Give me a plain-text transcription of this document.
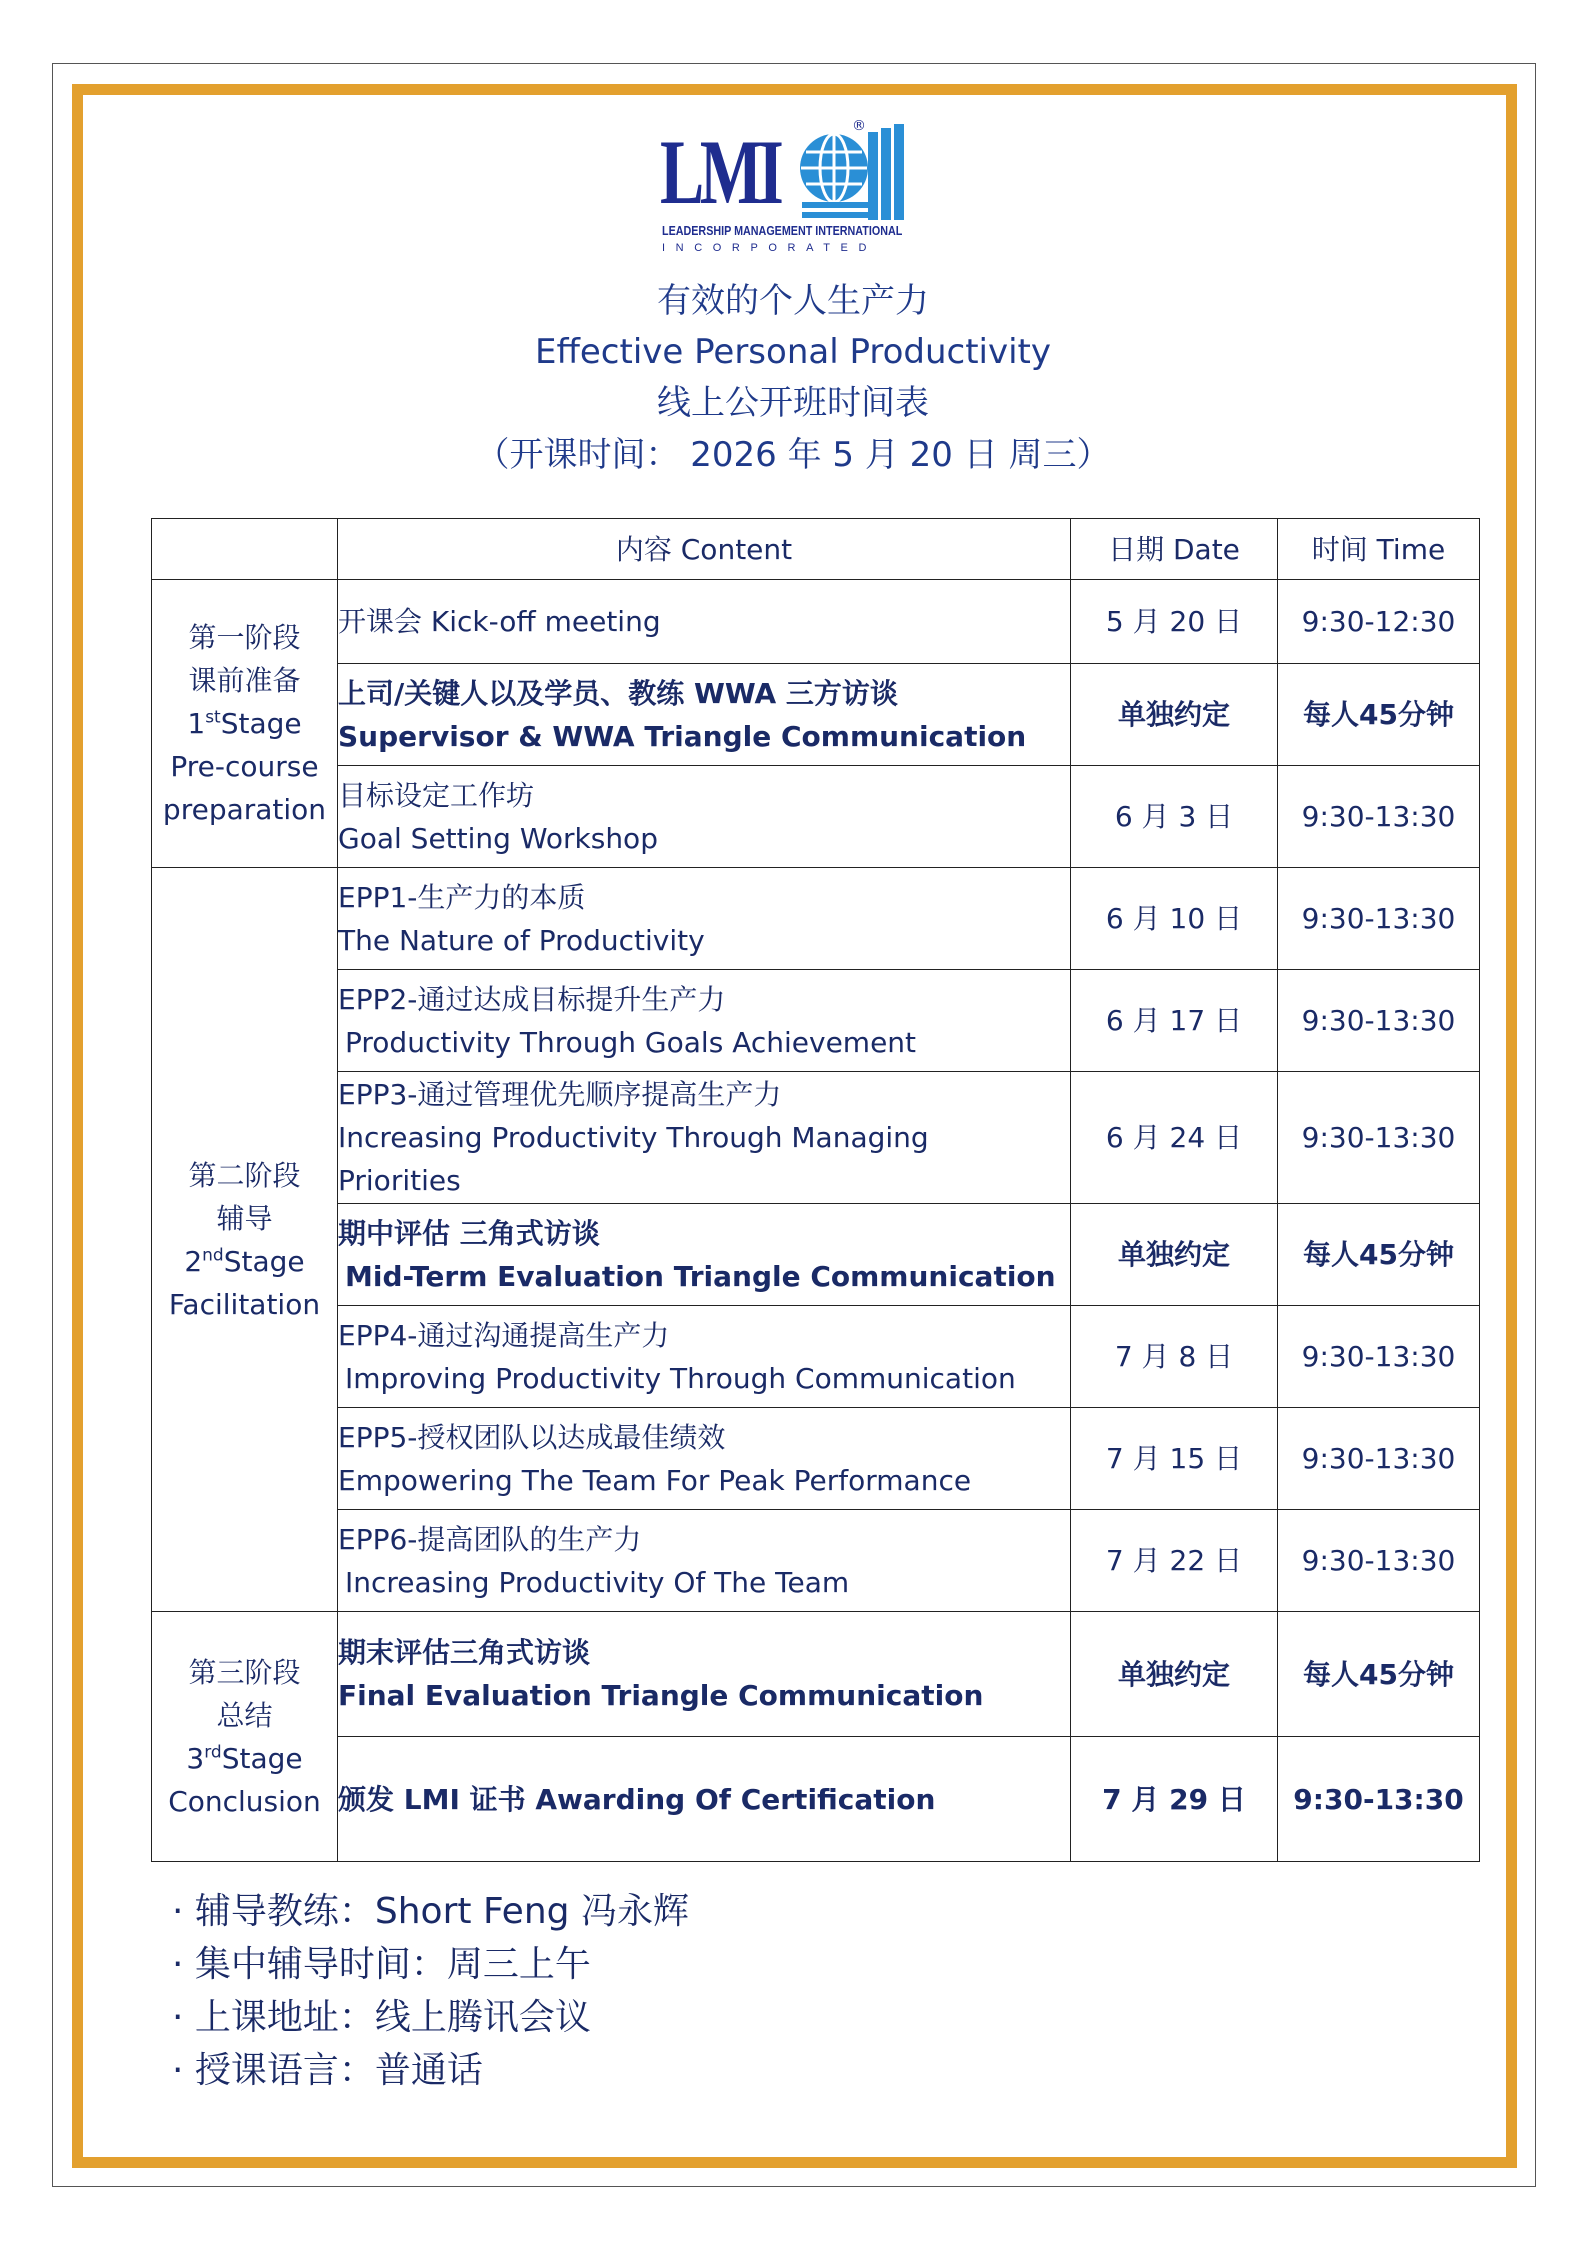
LMI
LEADERSHIP MANAGEMENT INTERNATIONAL
INCORPORATED
®
有效的个人生产力
Effective Personal Productivity
线上公开班时间表
（开课时间： 2026 年 5 月 20 日 周三）
	内容 Content	日期 Date	时间 Time

第一阶段
课前准备
1stStage
Pre-course
preparation	开课会 Kick-off meeting	5 月 20 日	9:30-12:30

	上司/关键人以及学员、教练 WWA 三方访谈
Supervisor & WWA Triangle Communication	单独约定	每人45分钟

	目标设定工作坊
Goal Setting Workshop	6 月 3 日	9:30-13:30

第二阶段
辅导
2ndStage
Facilitation	EPP1-生产力的本质
The Nature of Productivity	6 月 10 日	9:30-13:30

	EPP2-通过达成目标提升生产力
Productivity Through Goals Achievement	6 月 17 日	9:30-13:30

	EPP3-通过管理优先顺序提高生产力
Increasing Productivity Through Managing
Priorities	6 月 24 日	9:30-13:30

	期中评估 三角式访谈
Mid-Term Evaluation Triangle Communication	单独约定	每人45分钟

	EPP4-通过沟通提高生产力
Improving Productivity Through Communication	7 月 8 日	9:30-13:30

	EPP5-授权团队以达成最佳绩效
Empowering The Team For Peak Performance	7 月 15 日	9:30-13:30

	EPP6-提高团队的生产力
Increasing Productivity Of The Team	7 月 22 日	9:30-13:30

第三阶段
总结
3rdStage
Conclusion	期末评估三角式访谈
Final Evaluation Triangle Communication	单独约定	每人45分钟

	颁发 LMI 证书 Awarding Of Certification	7 月 29 日	9:30-13:30
· 辅导教练：Short Feng 冯永辉
· 集中辅导时间：周三上午
· 上课地址：线上腾讯会议
· 授课语言：普通话
